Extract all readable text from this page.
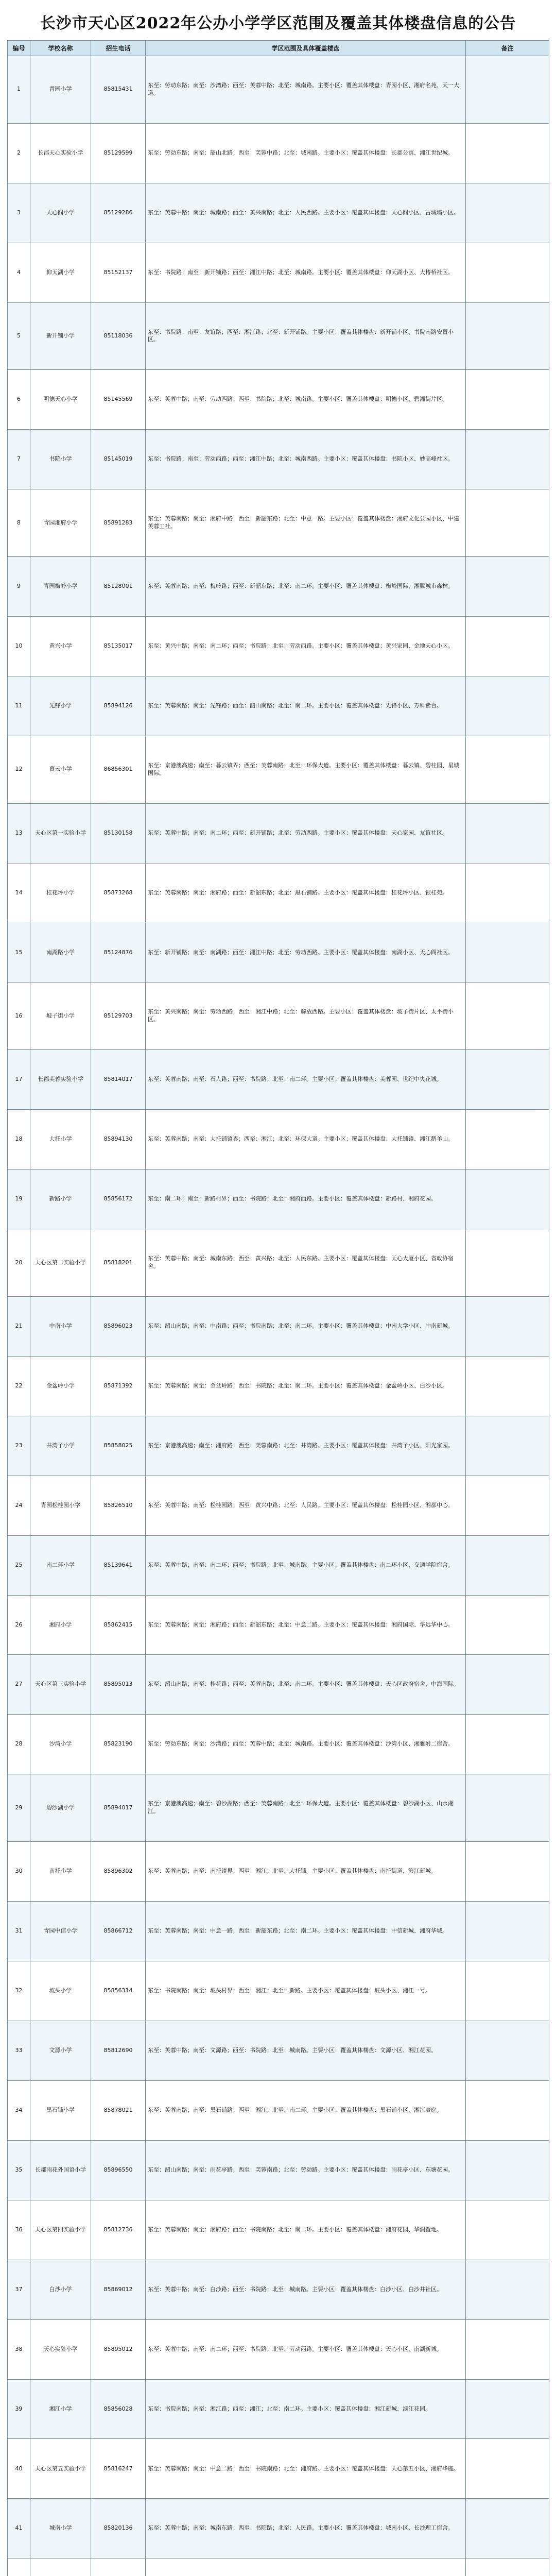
长沙市天心区2022年公办小学学区范围及覆盖其体楼盘信息的公告
编号	学校名称	招生电话	学区范围及具体覆盖楼盘	备注
1	青园小学	85815431	东至：劳动东路；南至：沙湾路；西至：芙蓉中路；北至：城南路。主要小区：覆盖其体楼盘：青园小区、湘府名苑、天一大道。	
2	长郡天心实验小学	85129599	东至：劳动东路；南至：韶山北路；西至：芙蓉中路；北至：城南路。主要小区：覆盖其体楼盘：长郡公寓、湘江世纪城。	
3	天心阁小学	85129286	东至：芙蓉中路；南至：城南路；西至：黄兴南路；北至：人民西路。主要小区：覆盖其体楼盘：天心阁小区、古城墙小区。	
4	仰天湖小学	85152137	东至：书院路；南至：新开铺路；西至：湘江中路；北至：城南路。主要小区：覆盖其体楼盘：仰天湖小区、大椿桥社区。	
5	新开铺小学	85118036	东至：书院路；南至：友谊路；西至：湘江路；北至：新开铺路。主要小区：覆盖其体楼盘：新开铺小区、书院南路安置小区。	
6	明德天心小学	85145569	东至：芙蓉中路；南至：劳动西路；西至：书院路；北至：城南路。主要小区：覆盖其体楼盘：明德小区、碧湘街片区。	
7	书院小学	85145019	东至：书院路；南至：劳动西路；西至：湘江中路；北至：城南西路。主要小区：覆盖其体楼盘：书院小区、妙高峰社区。	
8	青园湘府小学	85891283	东至：芙蓉南路；南至：湘府中路；西至：新韶东路；北至：中意一路。主要小区：覆盖其体楼盘：湘府文化公园小区、中建芙蓉工社。	
9	青园梅岭小学	85128001	东至：芙蓉南路；南至：梅岭路；西至：新韶东路；北至：南二环。主要小区：覆盖其体楼盘：梅岭国际、湘腾城市森林。	
10	黄兴小学	85135017	东至：黄兴中路；南至：南二环；西至：书院路；北至：劳动西路。主要小区：覆盖其体楼盘：黄兴家园、金地天心小区。	
11	先锋小学	85894126	东至：芙蓉南路；南至：先锋路；西至：韶山南路；北至：南二环。主要小区：覆盖其体楼盘：先锋小区、万科紫台。	
12	暮云小学	86856301	东至：京港澳高速；南至：暮云镇界；西至：芙蓉南路；北至：环保大道。主要小区：覆盖其体楼盘：暮云镇、碧桂园、星城国际。	
13	天心区第一实验小学	85130158	东至：芙蓉中路；南至：南二环；西至：新开铺路；北至：劳动西路。主要小区：覆盖其体楼盘：天心家园、友谊社区。	
14	桂花坪小学	85873268	东至：芙蓉南路；南至：湘府路；西至：新韶东路；北至：黑石铺路。主要小区：覆盖其体楼盘：桂花坪小区、银桂苑。	
15	南湖路小学	85124876	东至：新开铺路；南至：南湖路；西至：湘江中路；北至：劳动西路。主要小区：覆盖其体楼盘：南湖小区、天心阁社区。	
16	坡子街小学	85129703	东至：黄兴南路；南至：劳动西路；西至：湘江中路；北至：解放西路。主要小区：覆盖其体楼盘：坡子街片区、太平街小区。	
17	长郡芙蓉实验小学	85814017	东至：芙蓉南路；南至：石人路；西至：书院路；北至：南二环。主要小区：覆盖其体楼盘：芙蓉园、世纪中央花城。	
18	大托小学	85894130	东至：芙蓉南路；南至：大托铺镇界；西至：湘江；北至：环保大道。主要小区：覆盖其体楼盘：大托铺镇、湘江鹅羊山。	
19	新路小学	85856172	东至：南二环；南至：新路村界；西至：书院路；北至：湘府西路。主要小区：覆盖其体楼盘：新路村、湘府花园。	
20	天心区第二实验小学	85818201	东至：芙蓉中路；南至：城南东路；西至：黄兴路；北至：人民东路。主要小区：覆盖其体楼盘：天心大厦小区、省政协宿舍。	
21	中南小学	85896023	东至：韶山南路；南至：中南路；西至：书院南路；北至：南二环。主要小区：覆盖其体楼盘：中南大学小区、中南新城。	
22	金盆岭小学	85871392	东至：芙蓉南路；南至：金盆岭路；西至：书院路；北至：南二环。主要小区：覆盖其体楼盘：金盆岭小区、白沙小区。	
23	井湾子小学	85858025	东至：京港澳高速；南至：湘府路；西至：芙蓉南路；北至：井湾路。主要小区：覆盖其体楼盘：井湾子小区、阳光家园。	
24	青园松桂园小学	85826510	东至：芙蓉中路；南至：松桂园路；西至：黄兴中路；北至：人民路。主要小区：覆盖其体楼盘：松桂园小区、湘都中心。	
25	南二环小学	85139641	东至：芙蓉中路；南至：南二环；西至：书院路；北至：城南路。主要小区：覆盖其体楼盘：南二环小区、交通学院宿舍。	
26	湘府小学	85862415	东至：芙蓉南路；南至：湘府路；西至：新韶东路；北至：中意二路。主要小区：覆盖其体楼盘：湘府国际、华远华中心。	
27	天心区第三实验小学	85895013	东至：韶山南路；南至：桂花路；西至：芙蓉南路；北至：南二环。主要小区：覆盖其体楼盘：天心区政府宿舍、中海国际。	
28	沙湾小学	85823190	东至：劳动东路；南至：沙湾路；西至：芙蓉中路；北至：城南路。主要小区：覆盖其体楼盘：沙湾小区、湘雅附二宿舍。	
29	碧沙湖小学	85894017	东至：京港澳高速；南至：碧沙湖路；西至：芙蓉南路；北至：环保大道。主要小区：覆盖其体楼盘：碧沙湖小区、山水湘江。	
30	南托小学	85896302	东至：芙蓉南路；南至：南托镇界；西至：湘江；北至：大托铺。主要小区：覆盖其体楼盘：南托街道、滨江新城。	
31	青园中信小学	85866712	东至：芙蓉南路；南至：中意一路；西至：新韶东路；北至：南二环。主要小区：覆盖其体楼盘：中信新城、湘府华城。	
32	坡头小学	85856314	东至：书院南路；南至：坡头村界；西至：湘江；北至：新路。主要小区：覆盖其体楼盘：坡头小区、湘江一号。	
33	文源小学	85812690	东至：芙蓉中路；南至：文源路；西至：书院路；北至：城南路。主要小区：覆盖其体楼盘：文源小区、湘江花园。	
34	黑石铺小学	85878021	东至：芙蓉南路；南至：黑石铺路；西至：湘江；北至：南二环。主要小区：覆盖其体楼盘：黑石铺小区、湘江豪庭。	
35	长郡雨花外国语小学	85896550	东至：韶山南路；南至：雨花亭路；西至：芙蓉南路；北至：劳动路。主要小区：覆盖其体楼盘：雨花亭小区、东塘花园。	
36	天心区第四实验小学	85812736	东至：芙蓉南路；南至：湘府路；西至：书院南路；北至：南二环。主要小区：覆盖其体楼盘：湘府花园、华润置地。	
37	白沙小学	85869012	东至：芙蓉中路；南至：白沙路；西至：书院路；北至：城南路。主要小区：覆盖其体楼盘：白沙小区、白沙井社区。	
38	天心实验小学	85895012	东至：芙蓉中路；南至：南二环；西至：书院路；北至：劳动西路。主要小区：覆盖其体楼盘：天心小区、南湖新城。	
39	湘江小学	85856028	东至：书院南路；南至：湘江路；西至：湘江；北至：南二环。主要小区：覆盖其体楼盘：湘江新城、滨江花园。	
40	天心区第五实验小学	85816247	东至：芙蓉南路；南至：中意二路；西至：书院南路；北至：湘府路。主要小区：覆盖其体楼盘：天心第五小区、湘府华庭。	
41	城南小学	85820136	东至：芙蓉中路；南至：城南东路；西至：书院路；北至：人民路。主要小区：覆盖其体楼盘：城南小区、长沙理工宿舍。	
